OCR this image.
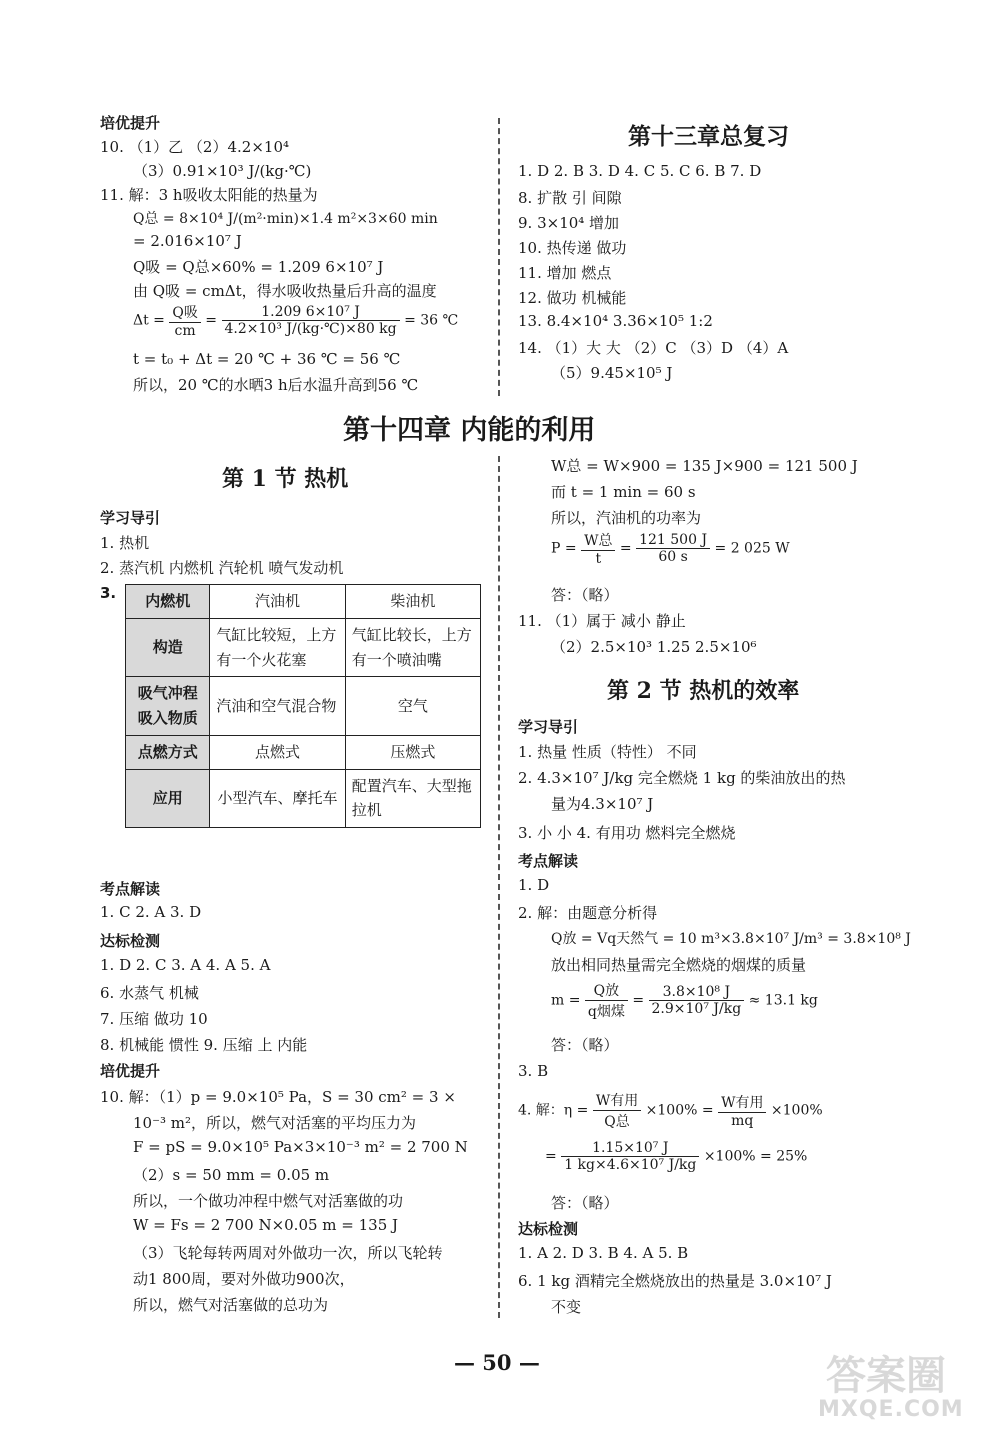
培优提升
10. （1）乙 （2）4.2×10⁴
（3）0.91×10³ J/(kg·℃)
11. 解：3 h吸收太阳能的热量为
Q总 = 8×10⁴ J/(m²·min)×1.4 m²×3×60 min
= 2.016×10⁷ J
Q吸 = Q总×60% = 1.209 6×10⁷ J
由 Q吸 = cmΔt，得水吸收热量后升高的温度
$\Delta t = \frac{\text{Q吸}}{cm} = \frac{\text{1.209 6×10⁷ J}}{\text{4.2×10³ J/(kg·℃)×80 kg}} = 36$ ℃
t = t₀ + Δt = 20 ℃ + 36 ℃ = 56 ℃
所以，20 ℃的水晒3 h后水温升高到56 ℃
第十三章总复习
1. D 2. B 3. D 4. C 5. C 6. B 7. D
8. 扩散 引 间隙
9. 3×10⁴ 增加
10. 热传递 做功
11. 增加 燃点
12. 做功 机械能
13. 8.4×10⁴ 3.36×10⁵ 1:2
14. （1）大 大 （2）C （3）D （4）A
（5）9.45×10⁵ J
第十四章 内能的利用
第 1 节 热机
学习导引
1. 热机
2. 蒸汽机 内燃机 汽轮机 喷气发动机
3. 内燃机	汽油机	柴油机
构造	气缸比较短，上方有一个火花塞	气缸比较长，上方有一个喷油嘴
吸气冲程吸入物质	汽油和空气混合物	空气
点燃方式	点燃式	压燃式
应用	小型汽车、摩托车	配置汽车、大型拖拉机
考点解读
1. C 2. A 3. D
达标检测
1. D 2. C 3. A 4. A 5. A
6. 水蒸气 机械
7. 压缩 做功 10
8. 机械能 惯性 9. 压缩 上 内能
培优提升
10. 解：（1）p = 9.0×10⁵ Pa，S = 30 cm² = 3 ×
10⁻³ m²，所以，燃气对活塞的平均压力为
F = pS = 9.0×10⁵ Pa×3×10⁻³ m² = 2 700 N
（2）s = 50 mm = 0.05 m
所以，一个做功冲程中燃气对活塞做的功
W = Fs = 2 700 N×0.05 m = 135 J
（3）飞轮每转两周对外做功一次，所以飞轮转
动1 800周，要对外做功900次，
所以，燃气对活塞做的总功为
W总 = W×900 = 135 J×900 = 121 500 J
而 t = 1 min = 60 s
所以，汽油机的功率为
$P = \frac{\text{W总}}{t} = \frac{121 500 J}{60 s} = 2$ 025 W
答：（略）
11. （1）属于 减小 静止
（2）2.5×10³ 1.25 2.5×10⁶
第 2 节 热机的效率
学习导引
1. 热量 性质（特性） 不同
2. 4.3×10⁷ J/kg 完全燃烧 1 kg 的柴油放出的热
量为4.3×10⁷ J
3. 小 小 4. 有用功 燃料完全燃烧
考点解读
1. D
2. 解：由题意分析得
Q放 = Vq天然气 = 10 m³×3.8×10⁷ J/m³ = 3.8×10⁸ J
放出相同热量需完全燃烧的烟煤的质量
$m = \frac{\text{Q放}}{\text{q烟煤}} = \frac{\text{3.8×10⁸ J}}{\text{2.9×10⁷ J/kg}} \approx 13.1$ kg
答：（略）
3. B
4. 解：$\eta = \frac{\text{W有用}}{\text{Q总}} \times 100\% = \frac{\text{W有用}}{mq} \times 100\%$
= $\frac{\text{1.15×10⁷ J}}{\text{1 kg×4.6×10⁷ J/kg}} \times 100\% = 25\%$
答：（略）
达标检测
1. A 2. D 3. B 4. A 5. B
6. 1 kg 酒精完全燃烧放出的热量是 3.0×10⁷ J
不变
— 50 —	答案圈
MXQE.COM
